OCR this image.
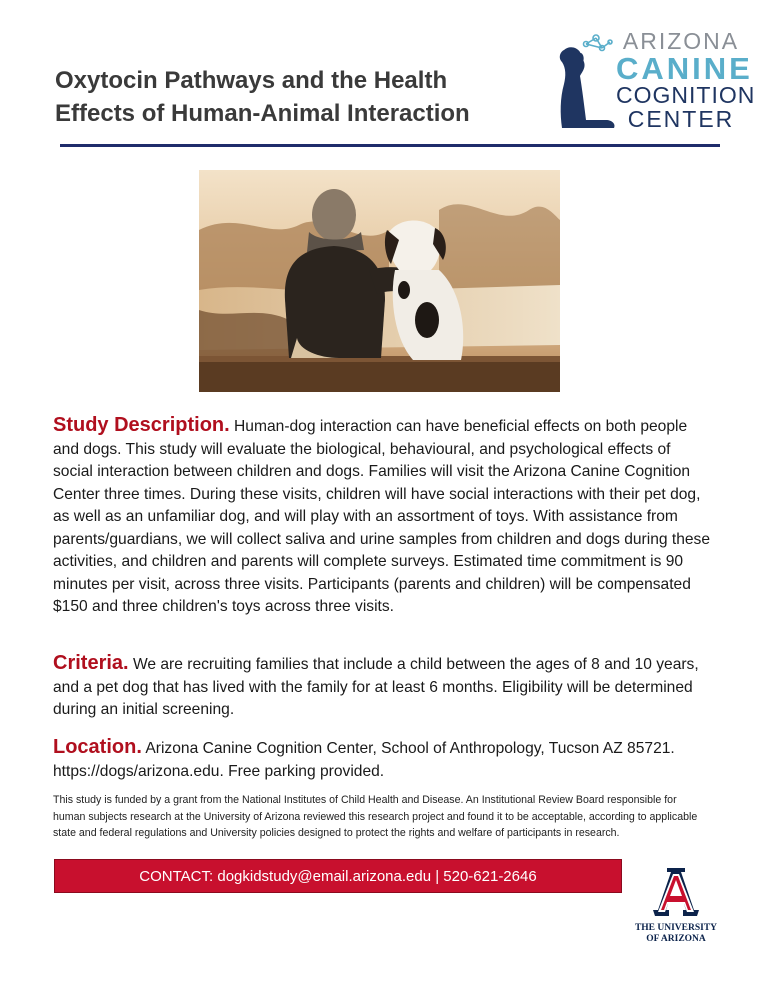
Oxytocin Pathways and the Health
Effects of Human-Animal Interaction
ARIZONA
CANINE
COGNITION
CENTER

Study Description. Human-dog interaction can have beneficial effects on both people and dogs. This study will evaluate the biological, behavioural, and psychological effects of social interaction between children and dogs. Families will visit the Arizona Canine Cognition Center three times. During these visits, children will have social interactions with their pet dog, as well as an unfamiliar dog, and will play with an assortment of toys. With assistance from parents/guardians, we will collect saliva and urine samples from children and dogs during these activities, and children and parents will complete surveys. Estimated time commitment is 90 minutes per visit, across three visits. Participants (parents and children) will be compensated $150 and three children's toys across three visits.

Criteria. We are recruiting families that include a child between the ages of 8 and 10 years, and a pet dog that has lived with the family for at least 6 months. Eligibility will be determined during an initial screening.

Location. Arizona Canine Cognition Center, School of Anthropology, Tucson AZ 85721. https://dogs/arizona.edu. Free parking provided.

This study is funded by a grant from the National Institutes of Child Health and Disease. An Institutional Review Board responsible for human subjects research at the University of Arizona reviewed this research project and found it to be acceptable, according to applicable state and federal regulations and University policies designed to protect the rights and welfare of participants in research.

CONTACT: dogkidstudy@email.arizona.edu | 520-621-2646
THE UNIVERSITY
OF ARIZONA
